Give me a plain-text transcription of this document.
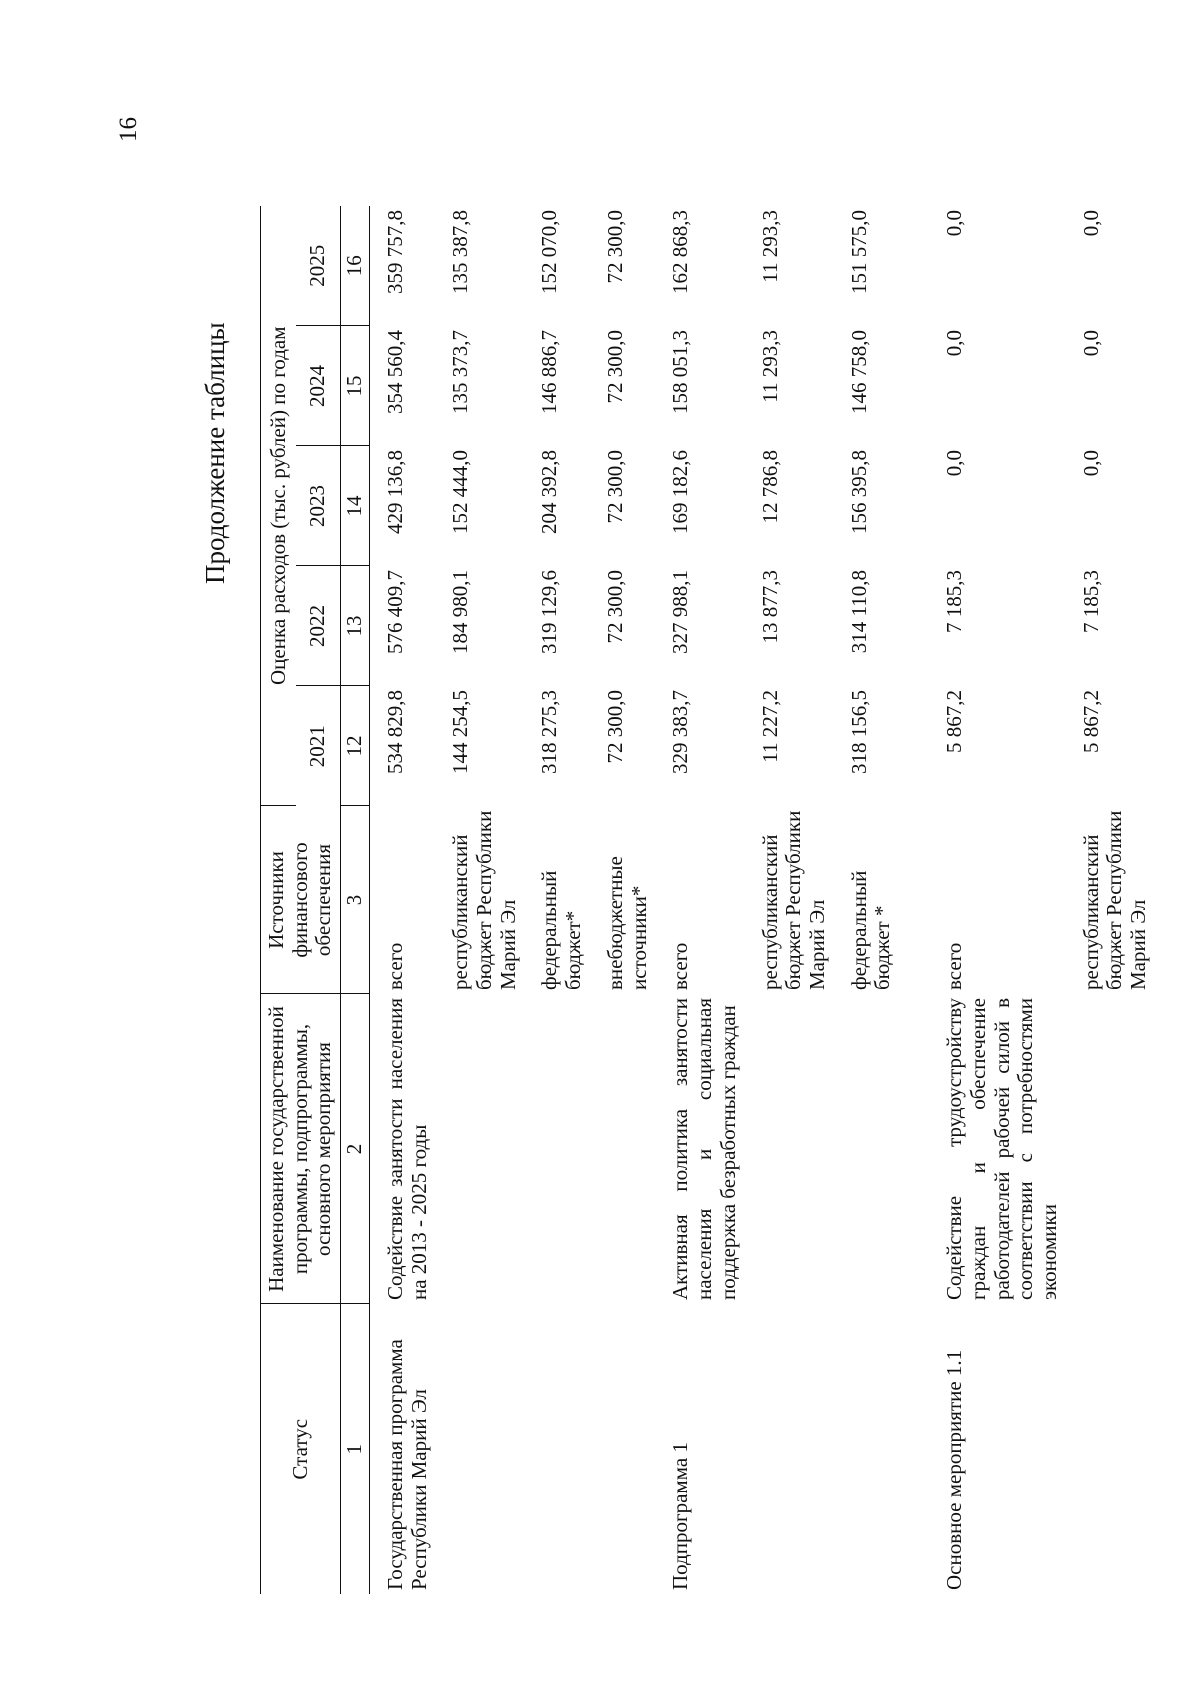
16
Продолжение таблицы
Статус	Наименование государственной программы, подпрограммы, основного мероприятия	Источники финансового обеспечения	Оценка расходов (тыс. рублей) по годам				
			2021	2022	2023	2024	2025
1	2	3	12	13	14	15	16
Государственная программа Республики Марий Эл	Содействие занятости населения на 2013 - 2025 годы	всего	534 829,8	576 409,7	429 136,8	354 560,4	359 757,8
		республиканский бюджет Республики Марий Эл	144 254,5	184 980,1	152 444,0	135 373,7	135 387,8
		федеральный бюджет*	318 275,3	319 129,6	204 392,8	146 886,7	152 070,0
		внебюджетные источники*	72 300,0	72 300,0	72 300,0	72 300,0	72 300,0
Подпрограмма 1	Активная политика занятости населения и социальная поддержка безработных граждан	всего	329 383,7	327 988,1	169 182,6	158 051,3	162 868,3
		республиканский бюджет Республики Марий Эл	11 227,2	13 877,3	12 786,8	11 293,3	11 293,3
		федеральный бюджет *	318 156,5	314 110,8	156 395,8	146 758,0	151 575,0
Основное мероприятие 1.1	Содействие трудоустройству граждан и обеспечение работодателей рабочей силой в соответствии с потребностями экономики	всего	5 867,2	7 185,3	0,0	0,0	0,0
		республиканский бюджет Республики Марий Эл	5 867,2	7 185,3	0,0	0,0	0,0
